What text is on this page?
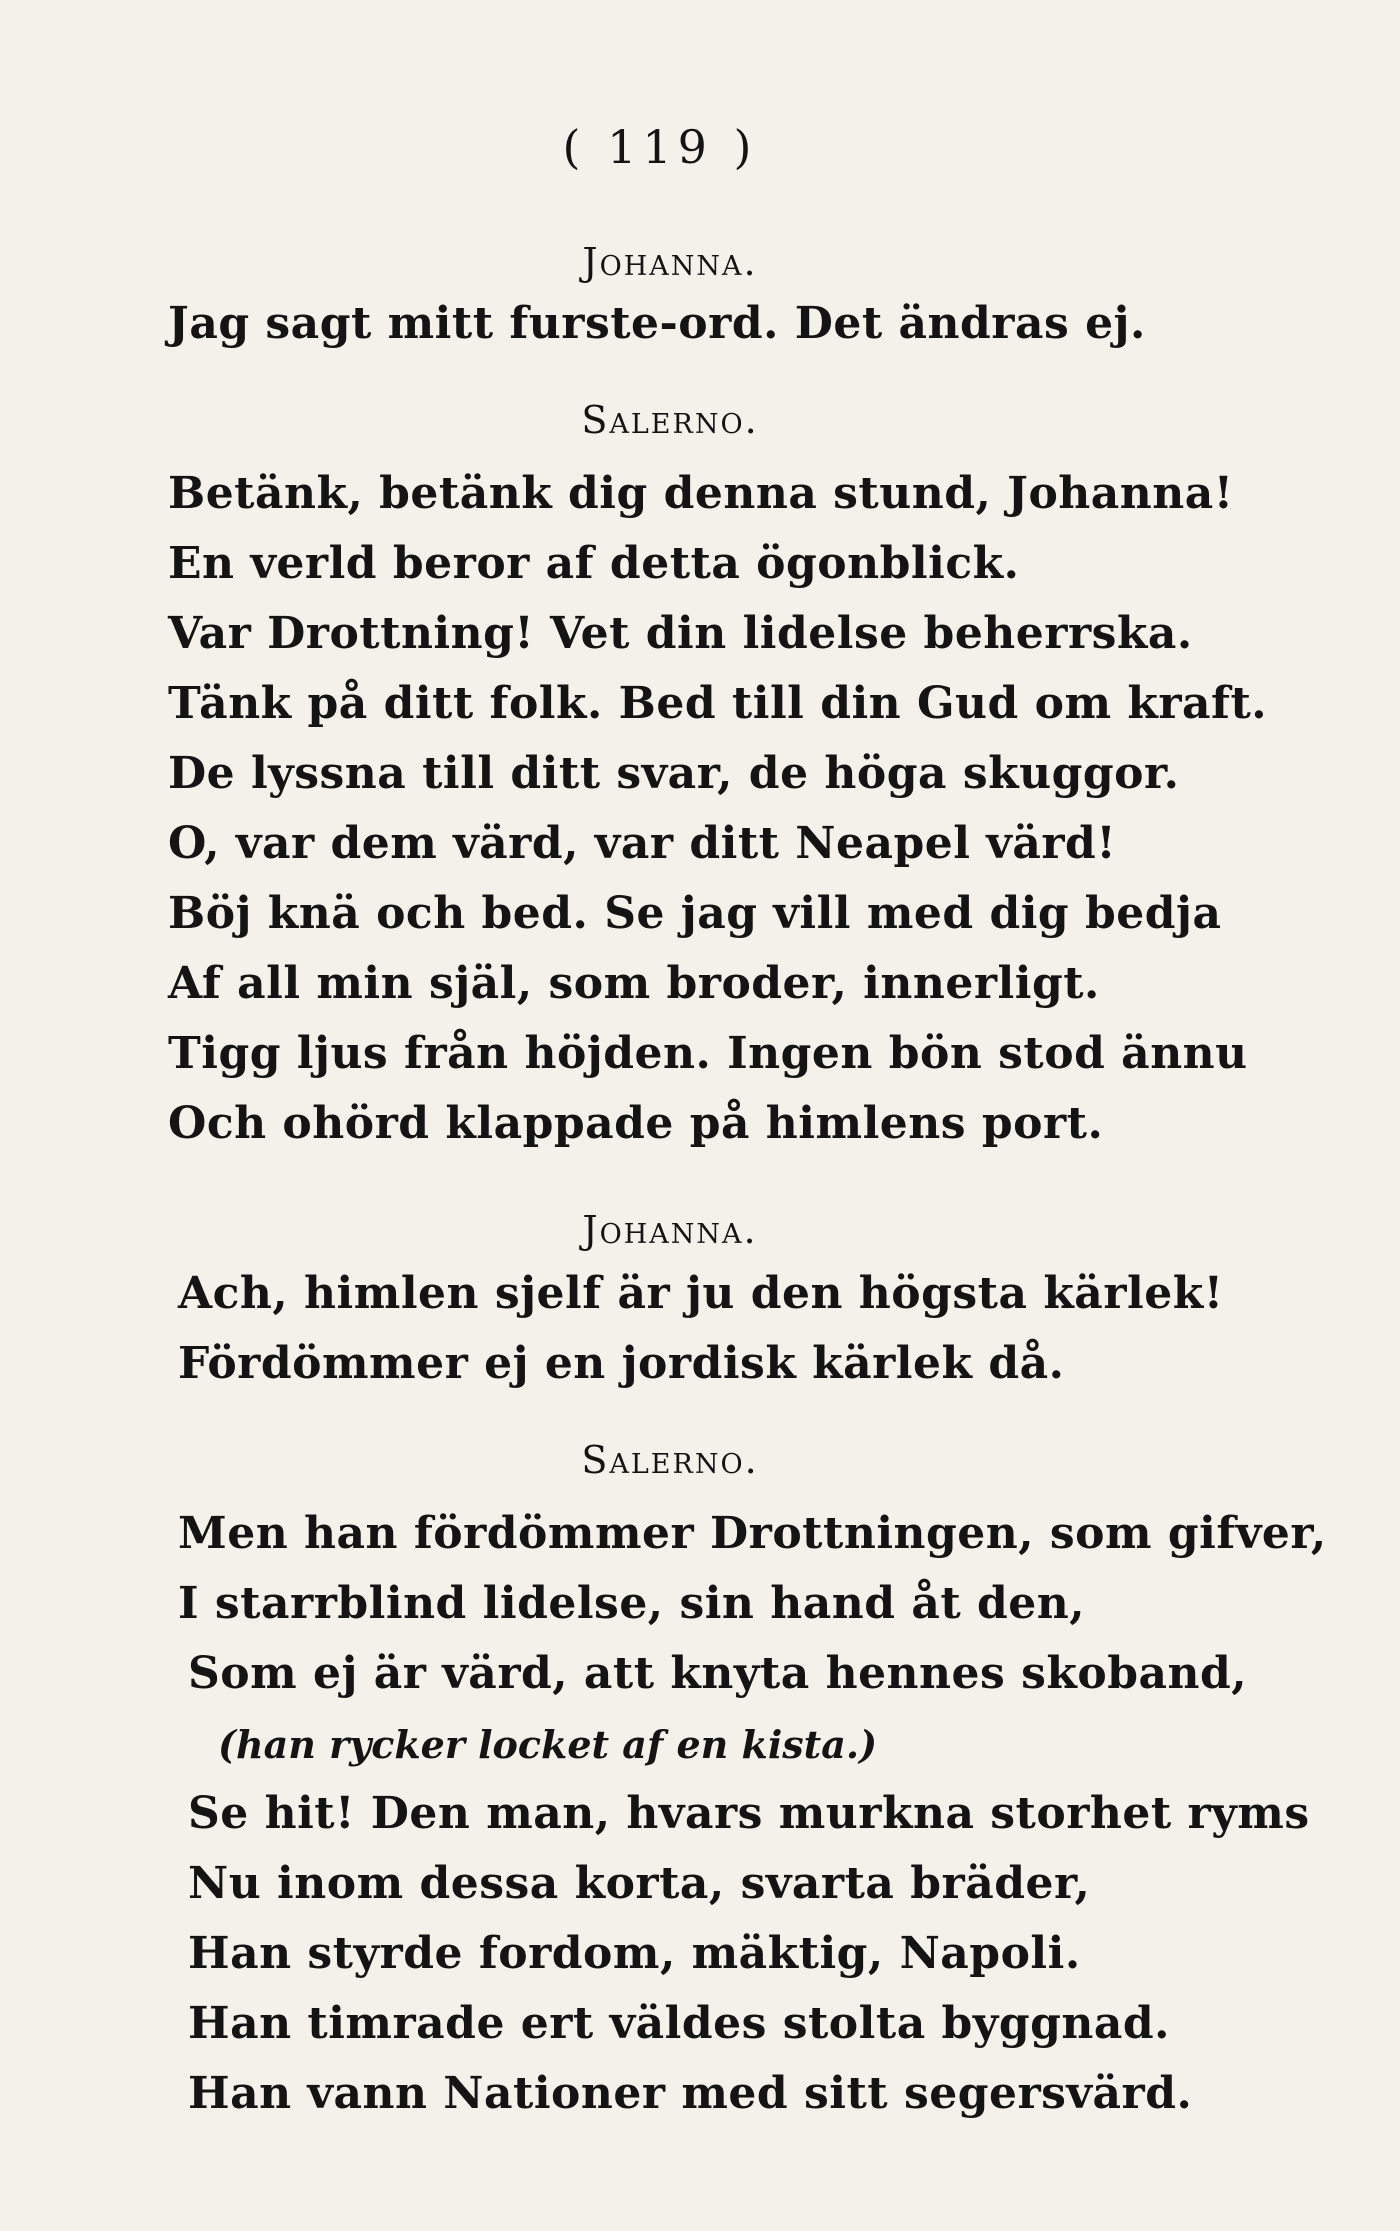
( 119 )
Johanna.
Jag sagt mitt furste-ord. Det ändras ej.
Salerno.
Betänk, betänk dig denna stund, Johanna!
En verld beror af detta ögonblick.
Var Drottning! Vet din lidelse beherrska.
Tänk på ditt folk. Bed till din Gud om kraft.
De lyssna till ditt svar, de höga skuggor.
O, var dem värd, var ditt Neapel värd!
Böj knä och bed. Se jag vill med dig bedja
Af all min själ, som broder, innerligt.
Tigg ljus från höjden. Ingen bön stod ännu
Och ohörd klappade på himlens port.
Johanna.
Ach, himlen sjelf är ju den högsta kärlek!
Fördömmer ej en jordisk kärlek då.
Salerno.
Men han fördömmer Drottningen, som gifver,
I starrblind lidelse, sin hand åt den,
Som ej är värd, att knyta hennes skoband,
(han rycker locket af en kista.)
Se hit! Den man, hvars murkna storhet ryms
Nu inom dessa korta, svarta bräder,
Han styrde fordom, mäktig, Napoli.
Han timrade ert väldes stolta byggnad.
Han vann Nationer med sitt segersvärd.
